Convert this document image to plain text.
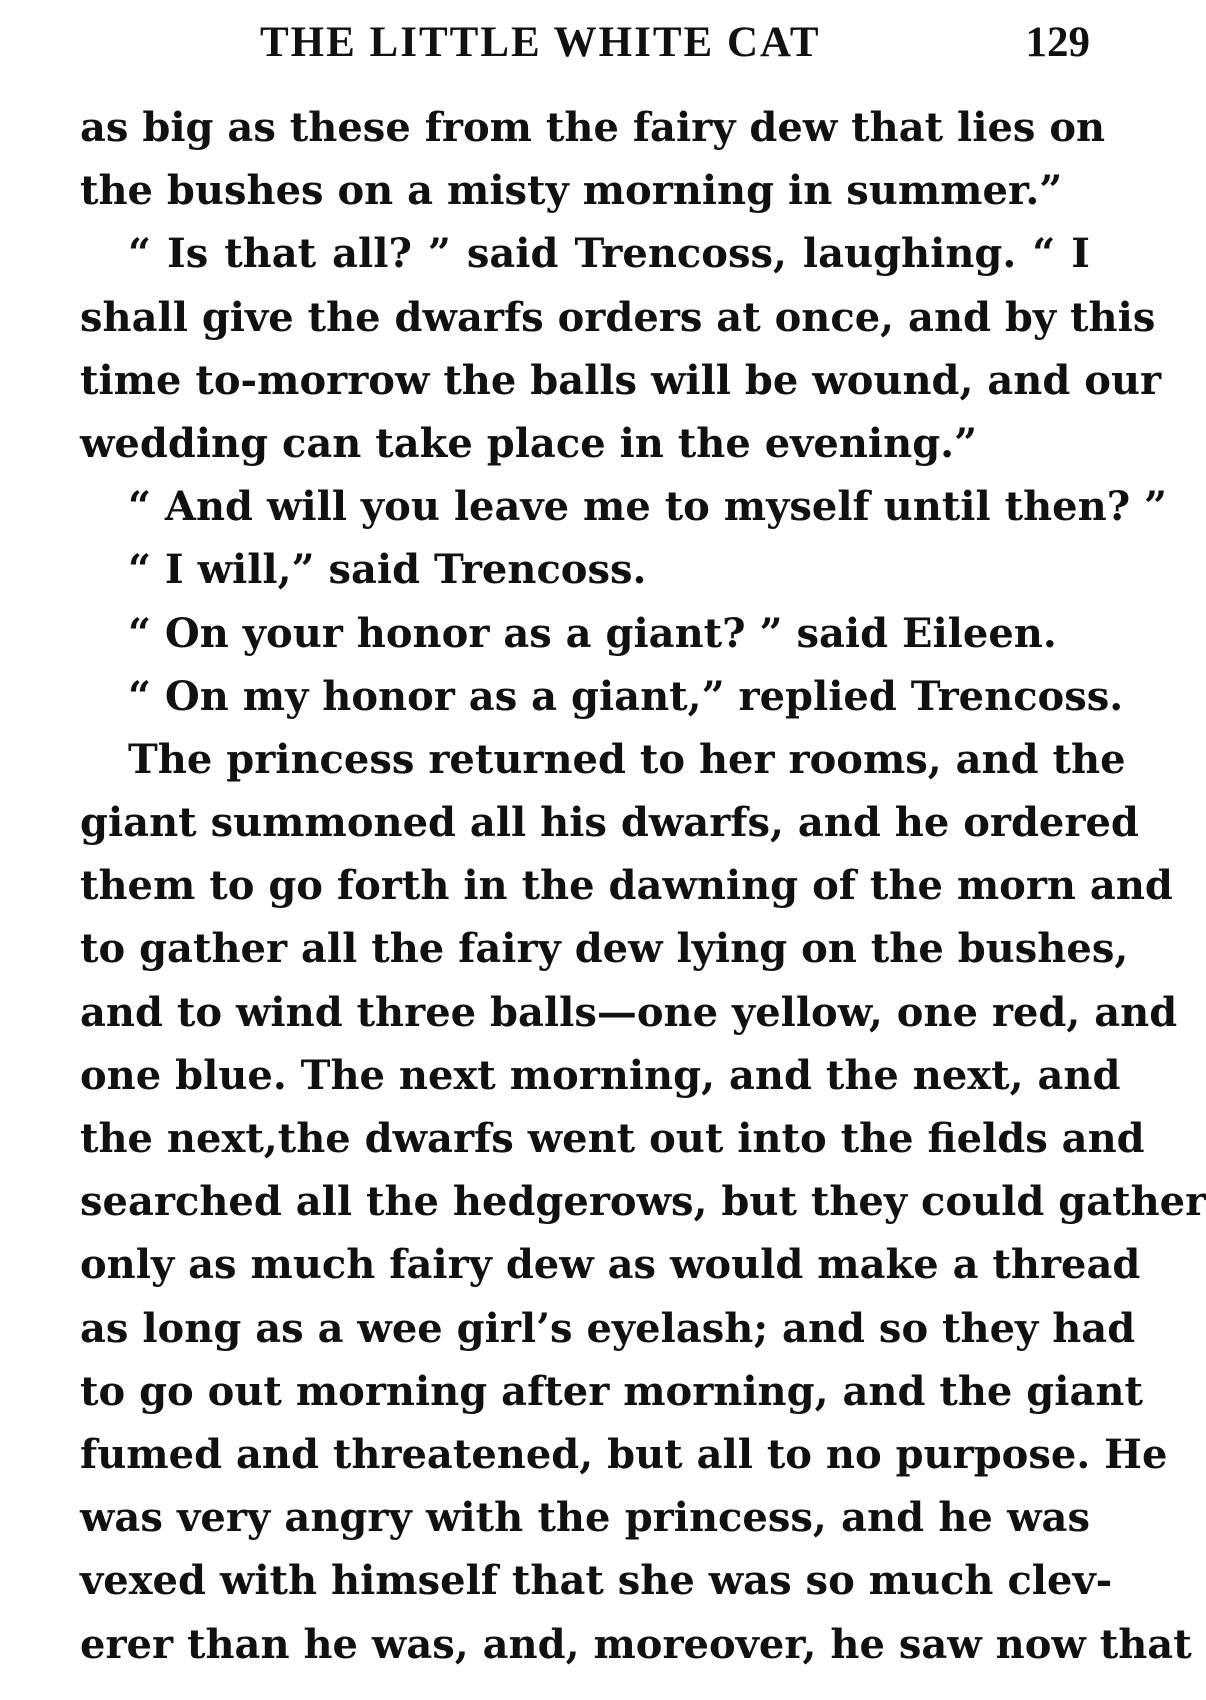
THE LITTLE WHITE CAT	129
as big as these from the fairy dew that lies on
the bushes on a misty morning in summer.”
“ Is that all? ” said Trencoss, laughing. “ I
shall give the dwarfs orders at once, and by this
time to-morrow the balls will be wound, and our
wedding can take place in the evening.”
“ And will you leave me to myself until then? ”
“ I will,” said Trencoss.
“ On your honor as a giant? ” said Eileen.
“ On my honor as a giant,” replied Trencoss.
The princess returned to her rooms, and the
giant summoned all his dwarfs, and he ordered
them to go forth in the dawning of the morn and
to gather all the fairy dew lying on the bushes,
and to wind three balls—one yellow, one red, and
one blue. The next morning, and the next, and
the next,the dwarfs went out into the fields and
searched all the hedgerows, but they could gather
only as much fairy dew as would make a thread
as long as a wee girl’s eyelash; and so they had
to go out morning after morning, and the giant
fumed and threatened, but all to no purpose. He
was very angry with the princess, and he was
vexed with himself that she was so much clev-
erer than he was, and, moreover, he saw now that
